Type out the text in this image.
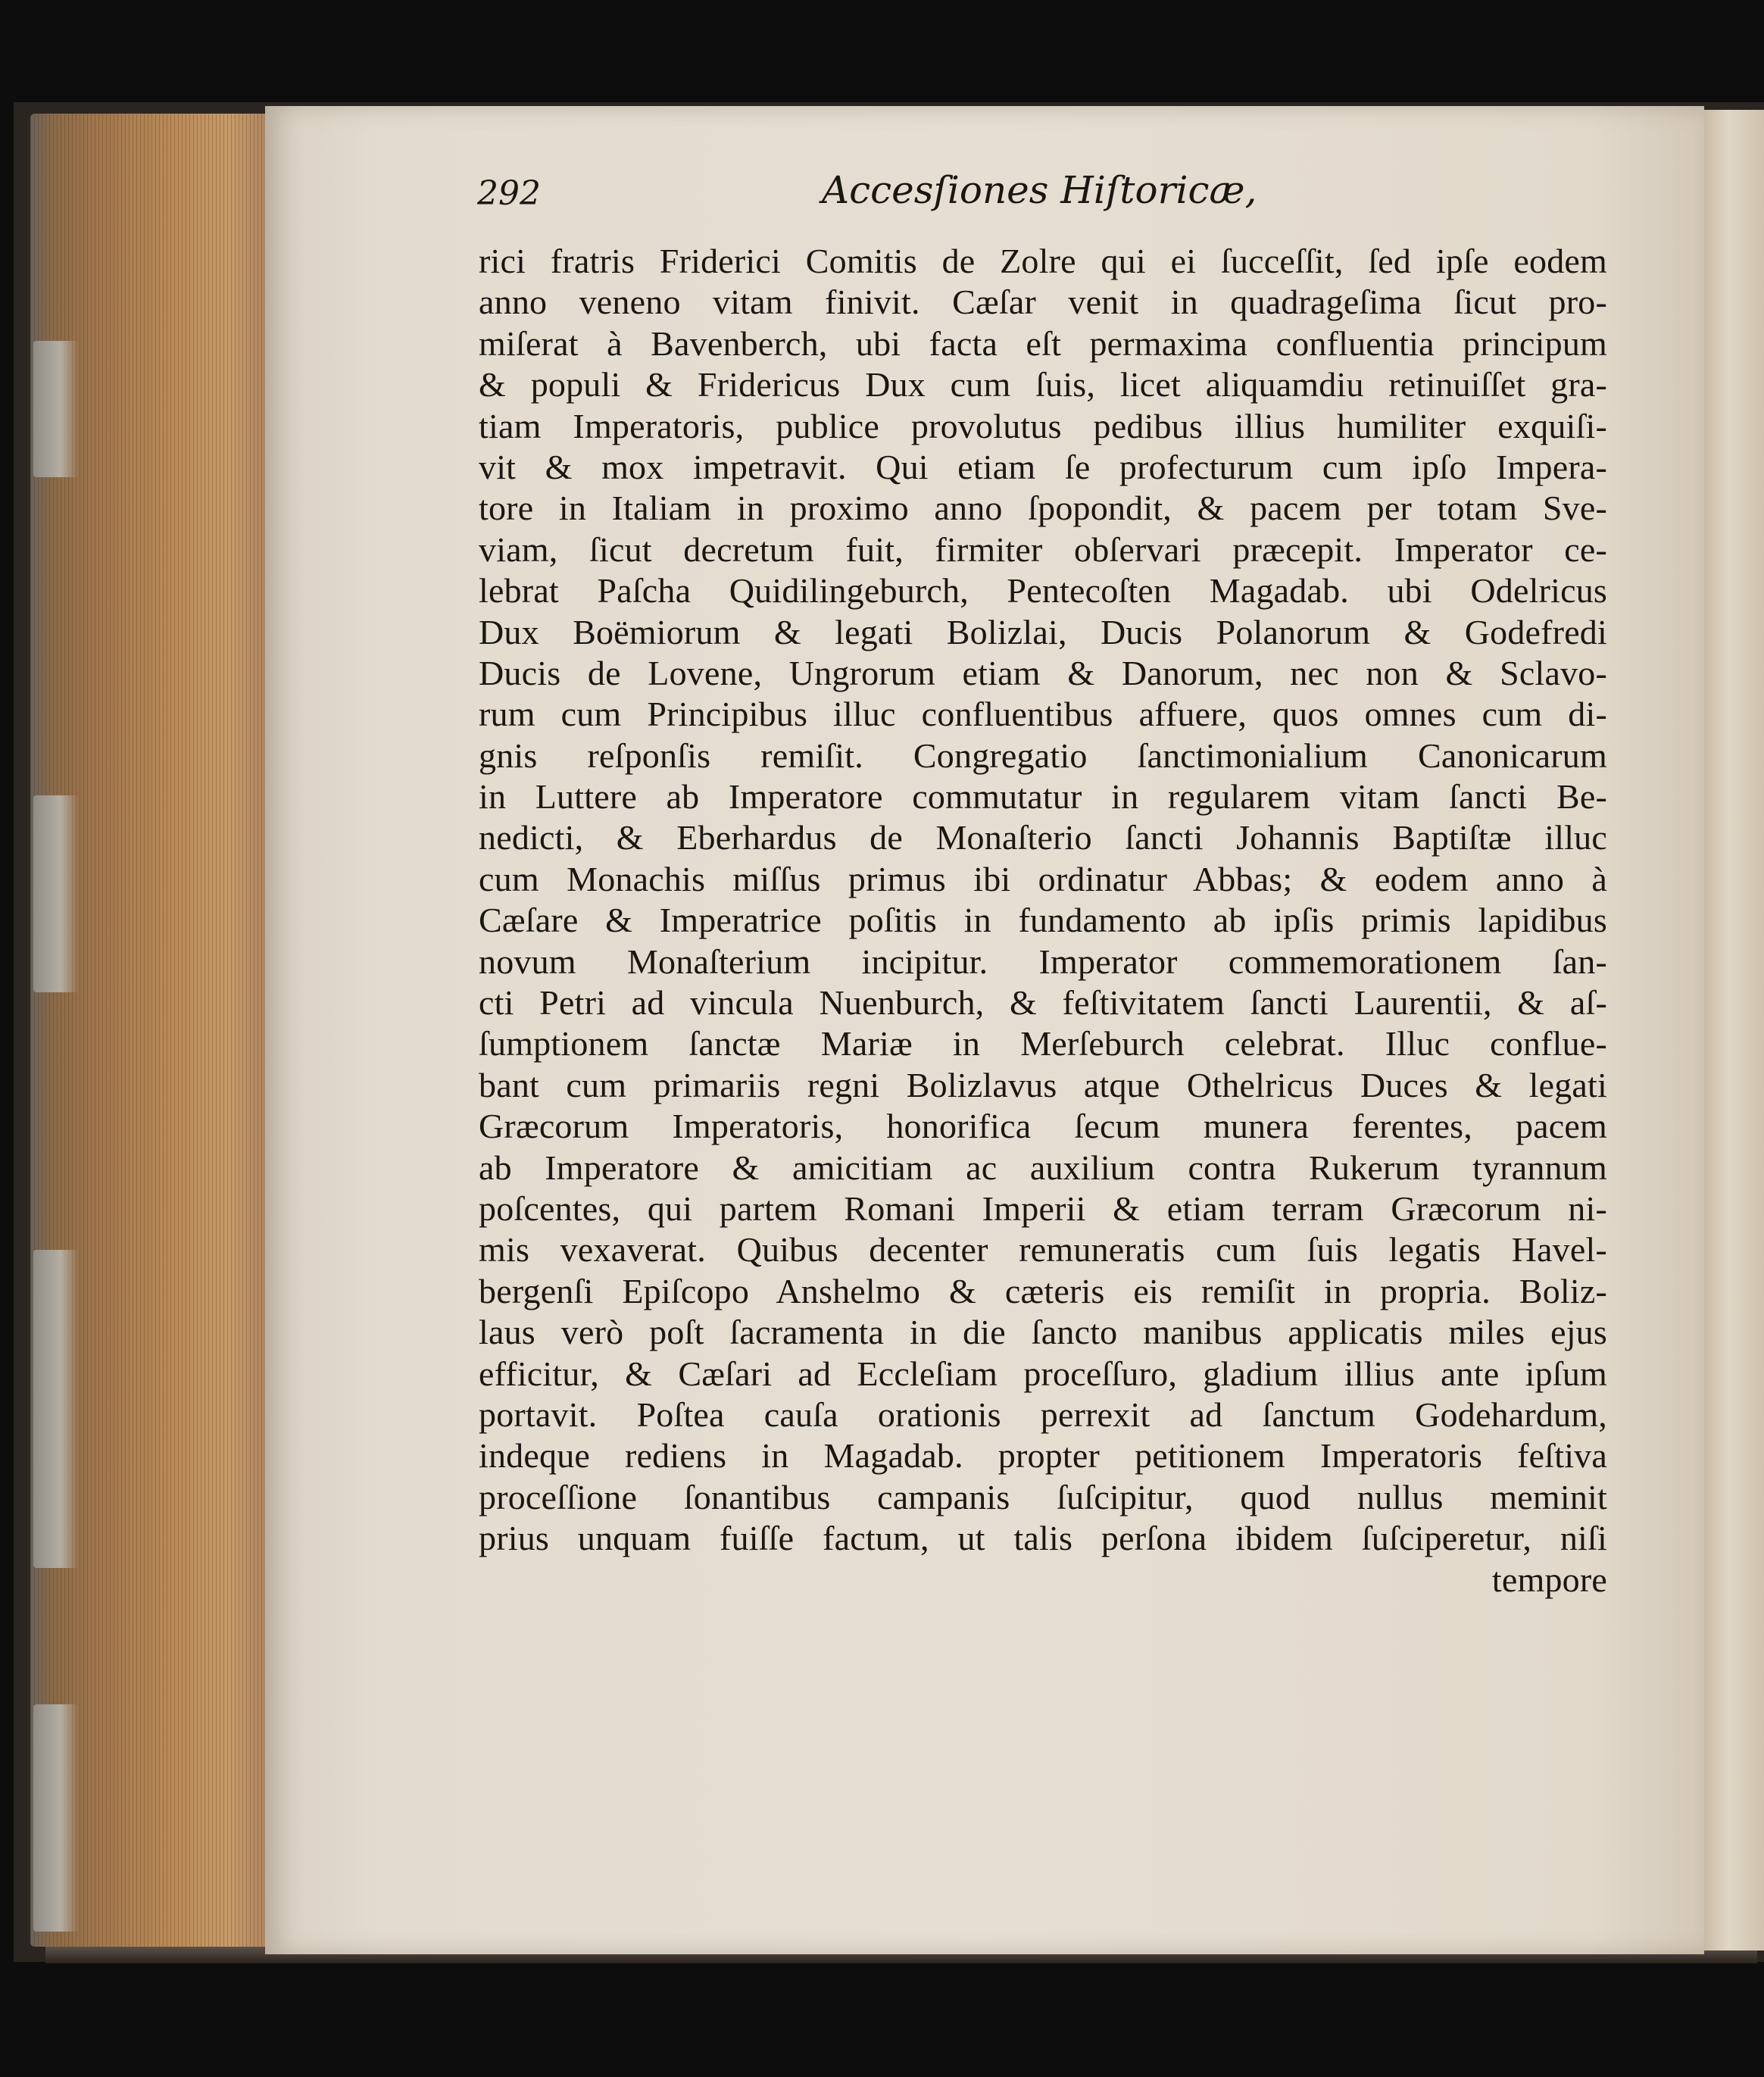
292	Accesſiones Hiſtoricæ,
rici fratris Friderici Comitis de Zolre qui ei ſucceſſit, ſed ipſe eodem
anno veneno vitam finivit. Cæſar venit in quadrageſima ſicut pro-
miſerat à Bavenberch, ubi facta eſt permaxima confluentia principum
& populi & Fridericus Dux cum ſuis, licet aliquamdiu retinuiſſet gra-
tiam Imperatoris, publice provolutus pedibus illius humiliter exquiſi-
vit & mox impetravit. Qui etiam ſe profecturum cum ipſo Impera-
tore in Italiam in proximo anno ſpopondit, & pacem per totam Sve-
viam, ſicut decretum fuit, firmiter obſervari præcepit. Imperator ce-
lebrat Paſcha Quidilingeburch, Pentecoſten Magadab. ubi Odelricus
Dux Boëmiorum & legati Bolizlai, Ducis Polanorum & Godefredi
Ducis de Lovene, Ungrorum etiam & Danorum, nec non & Sclavo-
rum cum Principibus illuc confluentibus affuere, quos omnes cum di-
gnis reſponſis remiſit. Congregatio ſanctimonialium Canonicarum
in Luttere ab Imperatore commutatur in regularem vitam ſancti Be-
nedicti, & Eberhardus de Monaſterio ſancti Johannis Baptiſtæ illuc
cum Monachis miſſus primus ibi ordinatur Abbas; & eodem anno à
Cæſare & Imperatrice poſitis in fundamento ab ipſis primis lapidibus
novum Monaſterium incipitur. Imperator commemorationem ſan-
cti Petri ad vincula Nuenburch, & feſtivitatem ſancti Laurentii, & aſ-
ſumptionem ſanctæ Mariæ in Merſeburch celebrat. Illuc conflue-
bant cum primariis regni Bolizlavus atque Othelricus Duces & legati
Græcorum Imperatoris, honorifica ſecum munera ferentes, pacem
ab Imperatore & amicitiam ac auxilium contra Rukerum tyrannum
poſcentes, qui partem Romani Imperii & etiam terram Græcorum ni-
mis vexaverat. Quibus decenter remuneratis cum ſuis legatis Havel-
bergenſi Epiſcopo Anshelmo & cæteris eis remiſit in propria. Boliz-
laus verò poſt ſacramenta in die ſancto manibus applicatis miles ejus
efficitur, & Cæſari ad Eccleſiam proceſſuro, gladium illius ante ipſum
portavit. Poſtea cauſa orationis perrexit ad ſanctum Godehardum,
indeque rediens in Magadab. propter petitionem Imperatoris feſtiva
proceſſione ſonantibus campanis ſuſcipitur, quod nullus meminit
prius unquam fuiſſe factum, ut talis perſona ibidem ſuſciperetur, niſi
tempore
